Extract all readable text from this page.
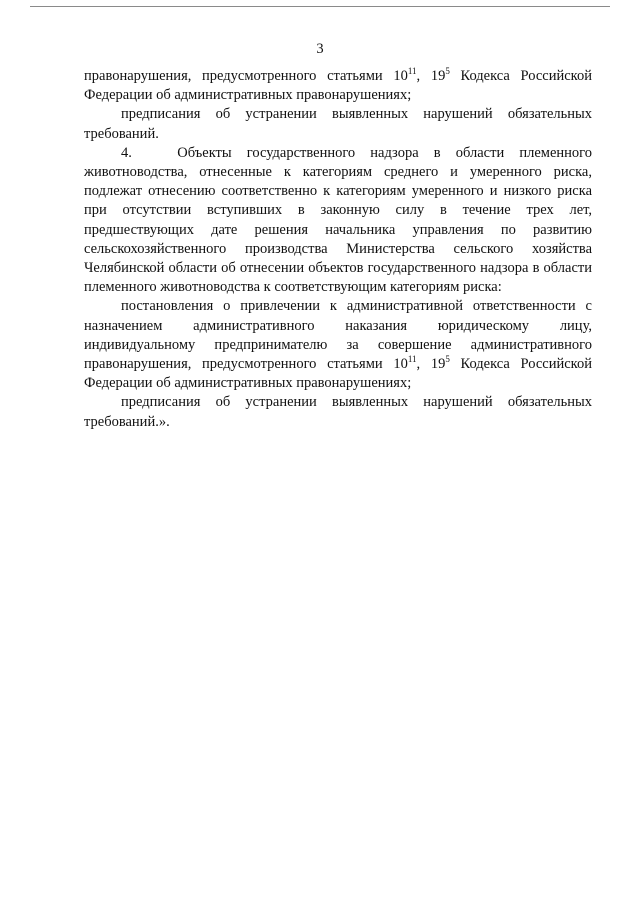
3

правонарушения, предусмотренного статьями $10^{11}$, $19^5$ Кодекса Российской Федерации об административных правонарушениях;

предписания об устранении выявленных нарушений обязательных требований.

4.   Объекты государственного надзора в области племенного животноводства, отнесенные к категориям среднего и умеренного риска, подлежат отнесению соответственно к категориям умеренного и низкого риска при отсутствии вступивших в законную силу в течение трех лет, предшествующих дате решения начальника управления по развитию сельскохозяйственного производства Министерства сельского хозяйства Челябинской области об отнесении объектов государственного надзора в области племенного животноводства к соответствующим категориям риска:

постановления о привлечении к административной ответственности с назначением административного наказания юридическому лицу, индивидуальному предпринимателю за совершение административного правонарушения, предусмотренного статьями $10^{11}$, $19^5$ Кодекса Российской Федерации об административных правонарушениях;

предписания об устранении выявленных нарушений обязательных требований.».
